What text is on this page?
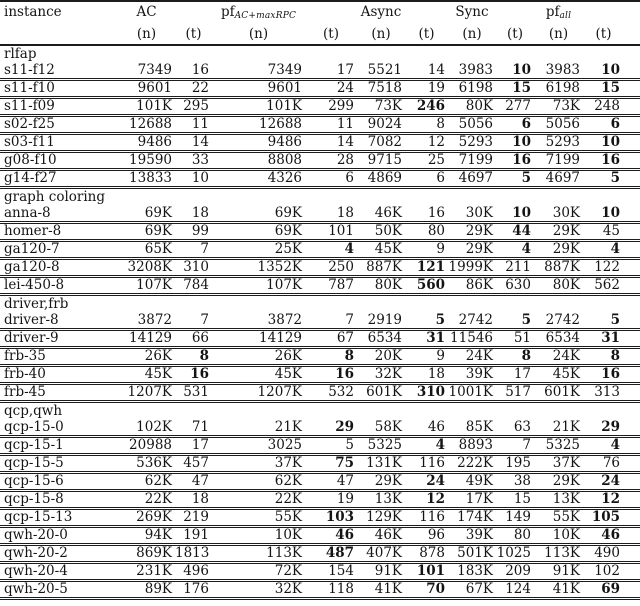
instance	AC		$pf_{AC+maxRPC}$		Async		Sync		$pf_{all}$	
	(n)	(t)	(n)	(t)	(n)	(t)	(n)	(t)	(n)	(t)
rlfap										
s11-f12	7349	16	7349	17	5521	14	3983	10	3983	10
s11-f10	9601	22	9601	24	7518	19	6198	15	6198	15
s11-f09	101K	295	101K	299	73K	246	80K	277	73K	248
s02-f25	12688	11	12688	11	9024	8	5056	6	5056	6
s03-f11	9486	14	9486	14	7082	12	5293	10	5293	10
g08-f10	19590	33	8808	28	9715	25	7199	16	7199	16
g14-f27	13833	10	4326	6	4869	6	4697	5	4697	5
graph coloring										
anna-8	69K	18	69K	18	46K	16	30K	10	30K	10
homer-8	69K	99	69K	101	50K	80	29K	44	29K	45
ga120-7	65K	7	25K	4	45K	9	29K	4	29K	4
ga120-8	3208K	310	1352K	250	887K	121	1999K	211	887K	122
lei-450-8	107K	784	107K	787	80K	560	86K	630	80K	562
driver,frb										
driver-8	3872	7	3872	7	2919	5	2742	5	2742	5
driver-9	14129	66	14129	67	6534	31	11546	51	6534	31
frb-35	26K	8	26K	8	20K	9	24K	8	24K	8
frb-40	45K	16	45K	16	32K	18	39K	17	45K	16
frb-45	1207K	531	1207K	532	601K	310	1001K	517	601K	313
qcp,qwh										
qcp-15-0	102K	71	21K	29	58K	46	85K	63	21K	29
qcp-15-1	20988	17	3025	5	5325	4	8893	7	5325	4
qcp-15-5	536K	457	37K	75	131K	116	222K	195	37K	76
qcp-15-6	62K	47	62K	47	29K	24	49K	38	29K	24
qcp-15-8	22K	18	22K	19	13K	12	17K	15	13K	12
qcp-15-13	269K	219	55K	103	129K	116	174K	149	55K	105
qwh-20-0	94K	191	10K	46	46K	96	39K	80	10K	46
qwh-20-2	869K	1813	113K	487	407K	878	501K	1025	113K	490
qwh-20-4	231K	496	72K	154	91K	101	183K	209	91K	102
qwh-20-5	89K	176	32K	118	41K	70	67K	124	41K	69
